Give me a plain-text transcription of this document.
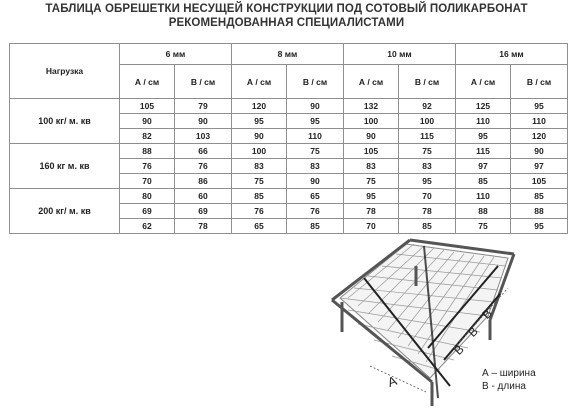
ТАБЛИЦА ОБРЕШЕТКИ НЕСУЩЕЙ КОНСТРУКЦИИ ПОД СОТОВЫЙ ПОЛИКАРБОНАТ
РЕКОМЕНДОВАННАЯ СПЕЦИАЛИСТАМИ
Нагрузка	6 мм		8 мм		10 мм		16 мм	
	А / см	В / см	А / см	В / см	А / см	В / см	А / см	В / см
100 кг/ м. кв	105	79	120	90	132	92	125	95
	90	90	95	95	100	100	110	110
	82	103	90	110	90	115	95	120
160 кг м. кв	88	66	100	75	105	75	115	90
	76	76	83	83	83	83	97	97
	70	86	75	90	75	95	85	105
200 кг/ м. кв	80	60	85	65	95	70	110	85
	69	69	76	76	78	78	88	88
	62	78	65	85	70	85	75	95
A
B
B
B
А – ширина
В - длина
